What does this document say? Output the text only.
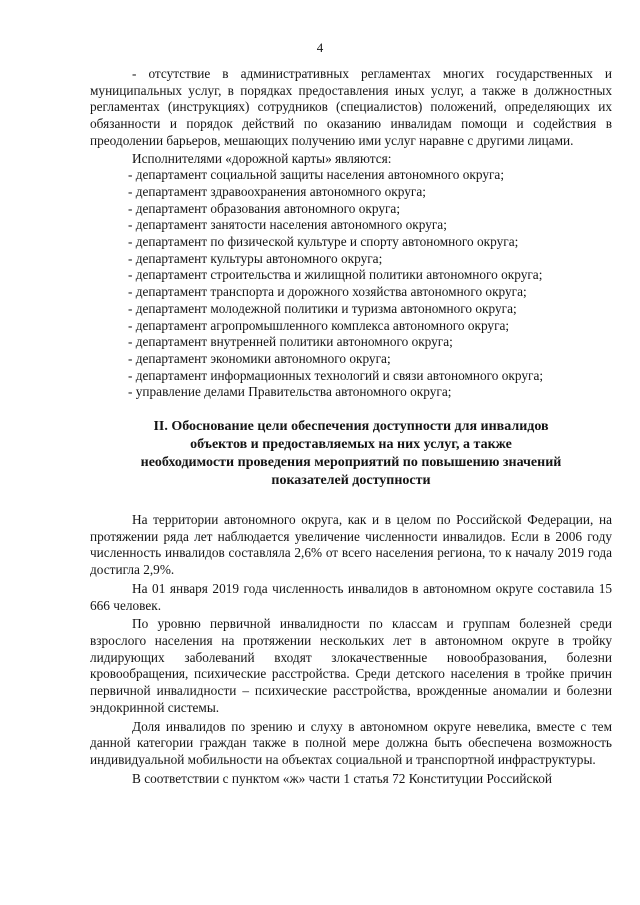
4

- отсутствие в административных регламентах многих государственных и муниципальных услуг, в порядках предоставления иных услуг, а также в должностных регламентах (инструкциях) сотрудников (специалистов) положений, определяющих их обязанности и порядок действий по оказанию инвалидам помощи и содействия в преодолении барьеров, мешающих получению ими услуг наравне с другими лицами.

Исполнителями «дорожной карты» являются:

- департамент социальной защиты населения автономного округа;
- департамент здравоохранения автономного округа;
- департамент образования автономного округа;
- департамент занятости населения автономного округа;
- департамент по физической культуре и спорту автономного округа;
- департамент культуры автономного округа;
- департамент строительства и жилищной политики автономного округа;
- департамент транспорта и дорожного хозяйства автономного округа;
- департамент молодежной политики и туризма автономного округа;
- департамент агропромышленного комплекса автономного округа;
- департамент внутренней политики автономного округа;
- департамент экономики автономного округа;
- департамент информационных технологий и связи автономного округа;
- управление делами Правительства автономного округа;
II. Обоснование цели обеспечения доступности для инвалидов
объектов и предоставляемых на них услуг, а также
необходимости проведения мероприятий по повышению значений
показателей доступности

На территории автономного округа, как и в целом по Российской Федерации, на протяжении ряда лет наблюдается увеличение численности инвалидов. Если в 2006 году численность инвалидов составляла 2,6% от всего населения региона, то к началу 2019 года достигла 2,9%.

На 01 января 2019 года численность инвалидов в автономном округе составила 15 666 человек.

По уровню первичной инвалидности по классам и группам болезней среди взрослого населения на протяжении нескольких лет в автономном округе в тройку лидирующих заболеваний входят злокачественные новообразования, болезни кровообращения, психические расстройства. Среди детского населения в тройке причин первичной инвалидности – психические расстройства, врожденные аномалии и болезни эндокринной системы.

Доля инвалидов по зрению и слуху в автономном округе невелика, вместе с тем данной категории граждан также в полной мере должна быть обеспечена возможность индивидуальной мобильности на объектах социальной и транспортной инфраструктуры.

В соответствии с пунктом «ж» части 1 статья 72 Конституции Российской
